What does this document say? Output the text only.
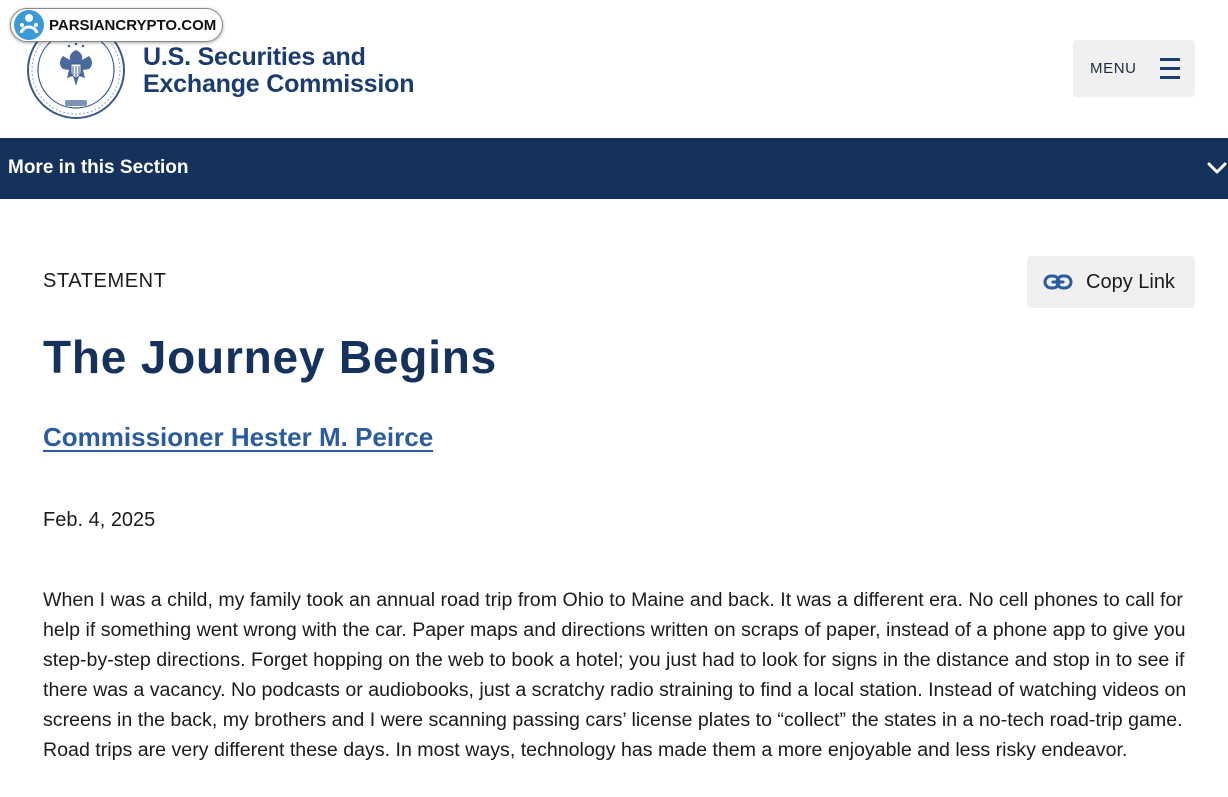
U.S. Securities and
Exchange Commission
PARSIANCRYPTO.COM
MENU
More in this Section
STATEMENT	Copy Link
The Journey Begins
Commissioner Hester M. Peirce
Feb. 4, 2025

When I was a child, my family took an annual road trip from Ohio to Maine and back. It was a different era. No cell phones to call for help if something went wrong with the car. Paper maps and directions written on scraps of paper, instead of a phone app to give you step-by-step directions. Forget hopping on the web to book a hotel; you just had to look for signs in the distance and stop in to see if there was a vacancy. No podcasts or audiobooks, just a scratchy radio straining to find a local station. Instead of watching videos on screens in the back, my brothers and I were scanning passing cars’ license plates to “collect” the states in a no-tech road-trip game. Road trips are very different these days. In most ways, technology has made them a more enjoyable and less risky endeavor.
